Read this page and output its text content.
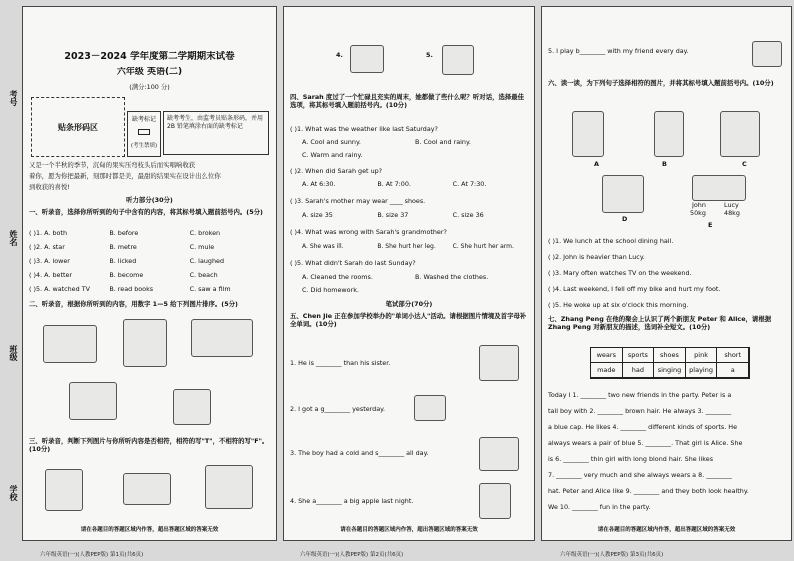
考号
姓名
班级
学校
2023－2024 学年度第二学期期末试卷
六年级 英语(二)
(满分:100 分)
贴条形码区
缺考标记
(考生禁填)
缺考考生，由监考员贴条形码，并用 2B 铅笔填涂右面的缺考标记
又是一个半秋的季节，沉甸的果实压弯枝头后而实唱响收获
着你，愿为你把最新，刻那时都是美，最甜的结果实在设计出么位你
到收获的喜悦!
听力部分(30分)
一、听录音，选择你所听到的句子中含有的内容，将其标号填入题前括号内。(5分)
( )1. A. both	B. before	C. broken
( )2. A. star	B. metre	C. mule
( )3. A. lower	B. licked	C. laughed
( )4. A. better	B. become	C. beach
( )5. A. watched TV	B. read books	C. saw a film
二、听录音，根据你所听到的内容，用数字 1—5 给下列图片排序。(5分)
三、听录音，判断下列图片与你所听内容是否相符，相符的写"T"，不相符的写"F"。(10分)
请在各题目的答题区域内作答，超出答题区域的答案无效
六年级英语(一)(人教PEP版) 第1页(共6页)
4.	5.
四、Sarah 度过了一个忙碌且充实的周末，她都做了些什么呢？听对话，选择最佳选项，将其标号填入题前括号内。(10分)
( )1. What was the weather like last Saturday?
A. Cool and sunny.	B. Cool and rainy.
C. Warm and rainy.
( )2. When did Sarah get up?
A. At 6:30.	B. At 7:00.	C. At 7:30.
( )3. Sarah's mother may wear ____ shoes.
A. size 35	B. size 37	C. size 36
( )4. What was wrong with Sarah's grandmother?
A. She was ill.	B. She hurt her leg.	C. She hurt her arm.
( )5. What didn't Sarah do last Sunday?
A. Cleaned the rooms.	B. Washed the clothes.
C. Did homework.
笔试部分(70分)
五、Chen Jie 正在参加学校举办的"单词小达人"活动。请根据图片情境及首字母补全单词。(10分)
1. He is ________ than his sister.
2. I got a g________ yesterday.
3. The boy had a cold and s________ all day.
4. She a________ a big apple last night.
请在各题目的答题区域内作答，超出答题区域的答案无效
六年级英语(一)(人教PEP版) 第2页(共6页)
5. I play b________ with my friend every day.
六、读一读，为下列句子选择相符的图片，并将其标号填入题前括号内。(10分)
A	B	C
John	Lucy
50kg	48kg
D
E
( )1. We lunch at the school dining hall.
( )2. John is heavier than Lucy.
( )3. Mary often watches TV on the weekend.
( )4. Last weekend, I fell off my bike and hurt my foot.
( )5. He woke up at six o'clock this morning.
七、Zhang Peng 在他的聚会上认识了两个新朋友 Peter 和 Alice，请根据 Zhang Peng 对新朋友的描述，选词补全短文。(10分)
wears	sports	shoes	pink	short
made	had	singing	playing	a
Today I 1. ________ two new friends in the party. Peter is a
tall boy with 2. ________ brown hair. He always 3. ________
a blue cap. He likes 4. ________ different kinds of sports. He
always wears a pair of blue 5. ________. That girl is Alice. She
is 6. ________ thin girl with long blond hair. She likes
7. ________ very much and she always wears a 8. ________
hat. Peter and Alice like 9. ________ and they both look healthy.
We 10. ________ fun in the party.
请在各题目的答题区域内作答，超出答题区域的答案无效
六年级英语(一)(人教PEP版) 第3页(共6页)
